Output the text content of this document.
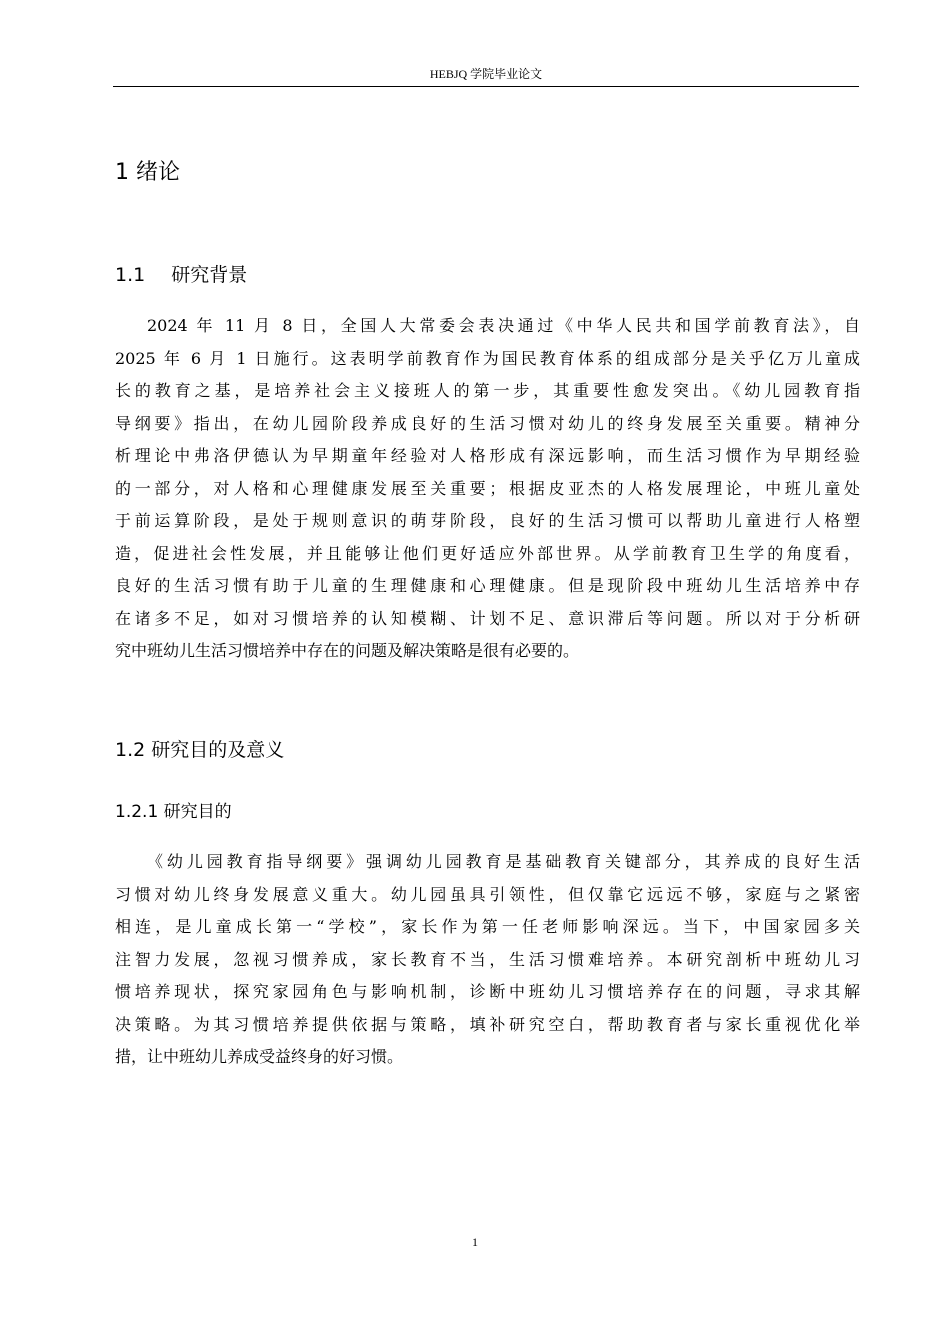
HEBJQ 学院毕业论文
1 绪论
1.1 研究背景
2024 年 11 月 8 日，全国人大常委会表决通过《中华人民共和国学前教育法》，自
2025 年 6 月 1 日施行。这表明学前教育作为国民教育体系的组成部分是关乎亿万儿童成
长的教育之基，是培养社会主义接班人的第一步，其重要性愈发突出。《幼儿园教育指
导纲要》指出，在幼儿园阶段养成良好的生活习惯对幼儿的终身发展至关重要。精神分
析理论中弗洛伊德认为早期童年经验对人格形成有深远影响，而生活习惯作为早期经验
的一部分，对人格和心理健康发展至关重要；根据皮亚杰的人格发展理论，中班儿童处
于前运算阶段，是处于规则意识的萌芽阶段，良好的生活习惯可以帮助儿童进行人格塑
造，促进社会性发展，并且能够让他们更好适应外部世界。从学前教育卫生学的角度看，
良好的生活习惯有助于儿童的生理健康和心理健康。但是现阶段中班幼儿生活培养中存
在诸多不足，如对习惯培养的认知模糊、计划不足、意识滞后等问题。所以对于分析研
究中班幼儿生活习惯培养中存在的问题及解决策略是很有必要的。
1.2 研究目的及意义
1.2.1 研究目的
《幼儿园教育指导纲要》强调幼儿园教育是基础教育关键部分，其养成的良好生活
习惯对幼儿终身发展意义重大。幼儿园虽具引领性，但仅靠它远远不够，家庭与之紧密
相连，是儿童成长第一“学校”，家长作为第一任老师影响深远。当下，中国家园多关
注智力发展，忽视习惯养成，家长教育不当，生活习惯难培养。本研究剖析中班幼儿习
惯培养现状，探究家园角色与影响机制，诊断中班幼儿习惯培养存在的问题，寻求其解
决策略。为其习惯培养提供依据与策略，填补研究空白，帮助教育者与家长重视优化举
措，让中班幼儿养成受益终身的好习惯。
1
